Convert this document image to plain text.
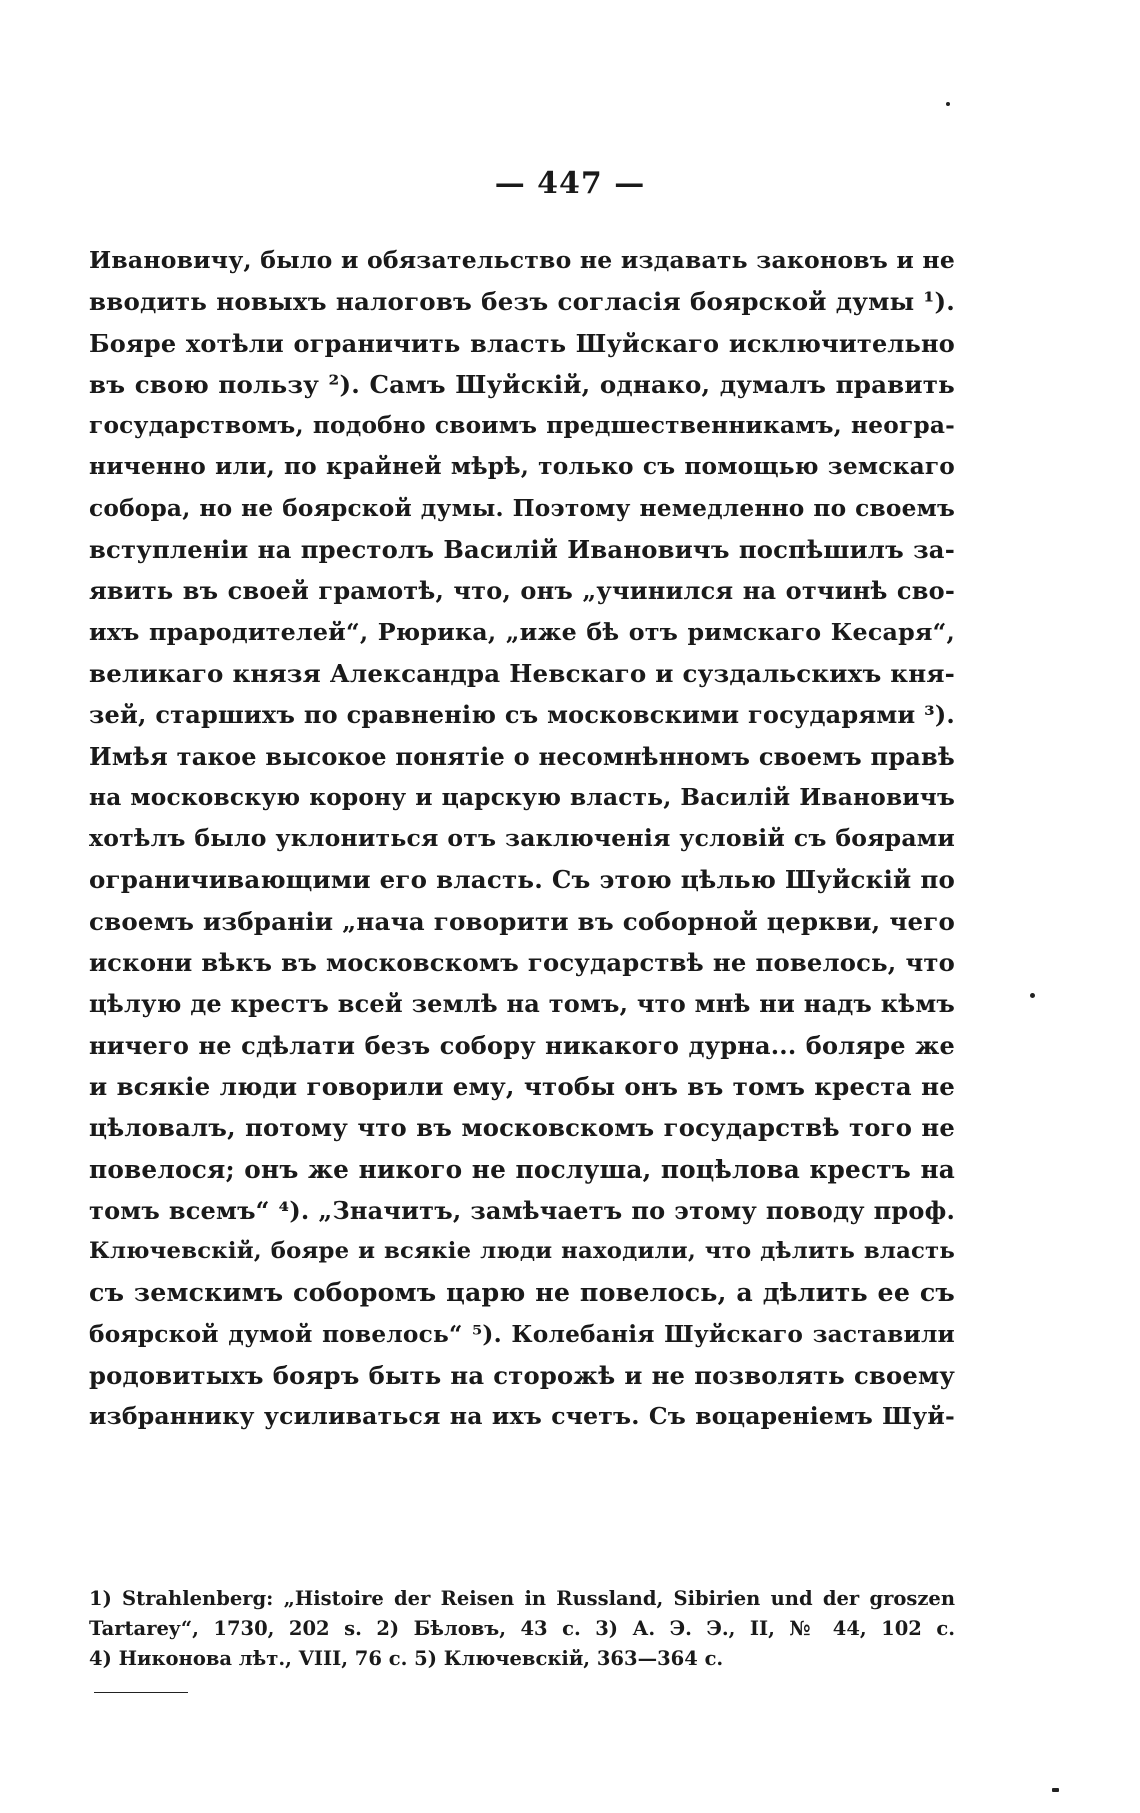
— 447 —
Ивановичу, было и обязательство не издавать законовъ и не
вводить новыхъ налоговъ безъ согласія боярской думы ¹).
Бояре хотѣли ограничить власть Шуйскаго исключительно
въ свою пользу ²). Самъ Шуйскій, однако, думалъ править
государствомъ, подобно своимъ предшественникамъ, неогра-
ниченно или, по крайней мѣрѣ, только съ помощью земскаго
собора, но не боярской думы. Поэтому немедленно по своемъ
вступленіи на престолъ Василій Ивановичъ поспѣшилъ за-
явить въ своей грамотѣ, что, онъ „учинился на отчинѣ сво-
ихъ прародителей“, Рюрика, „иже бѣ отъ римскаго Кесаря“,
великаго князя Александра Невскаго и суздальскихъ кня-
зей, старшихъ по сравненію съ московскими государями ³).
Имѣя такое высокое понятіе о несомнѣнномъ своемъ правѣ
на московскую корону и царскую власть, Василій Ивановичъ
хотѣлъ было уклониться отъ заключенія условій съ боярами
ограничивающими его власть. Съ этою цѣлью Шуйскій по
своемъ избраніи „нача говорити въ соборной церкви, чего
искони вѣкъ въ московскомъ государствѣ не повелось, что
цѣлую де крестъ всей землѣ на томъ, что мнѣ ни надъ кѣмъ
ничего не сдѣлати безъ собору никакого дурна... боляре же
и всякіе люди говорили ему, чтобы онъ въ томъ креста не
цѣловалъ, потому что въ московскомъ государствѣ того не
повелося; онъ же никого не послуша, поцѣлова крестъ на
томъ всемъ“ ⁴). „Значитъ, замѣчаетъ по этому поводу проф.
Ключевскій, бояре и всякіе люди находили, что дѣлить власть
съ земскимъ соборомъ царю не повелось, а дѣлить ее съ
боярской думой повелось“ ⁵). Колебанія Шуйскаго заставили
родовитыхъ бояръ быть на сторожѣ и не позволять своему
избраннику усиливаться на ихъ счетъ. Съ воцареніемъ Шуй-
1) Strahlenberg: „Histoire der Reisen in Russland, Sibirien und der groszen
Tartarey“, 1730, 202 s. 2) Бѣловъ, 43 с. 3) А. Э. Э., II, № 44, 102 с.
4) Никонова лѣт., VIII, 76 с. 5) Ключевскій, 363—364 с.
